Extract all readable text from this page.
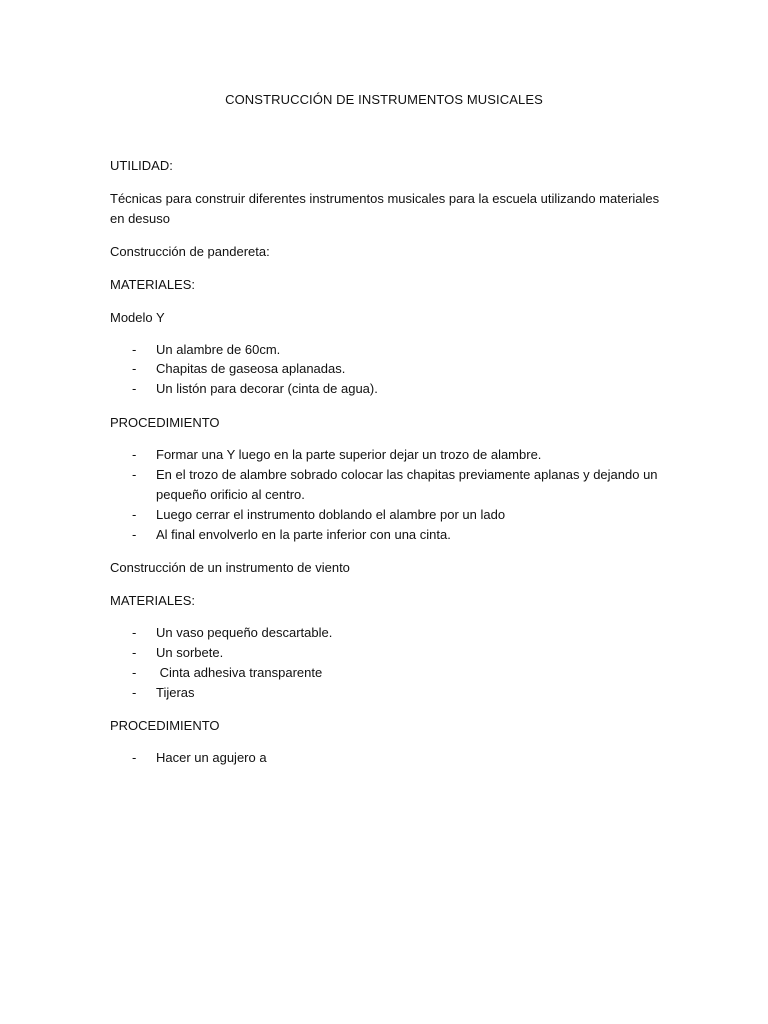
CONSTRUCCIÓN DE INSTRUMENTOS MUSICALES
UTILIDAD:
Técnicas para construir diferentes instrumentos musicales para la escuela utilizando materiales en desuso
Construcción de pandereta:
MATERIALES:
Modelo Y
- Un alambre de 60cm.
- Chapitas de gaseosa aplanadas.
- Un listón para decorar (cinta de agua).
PROCEDIMIENTO
- Formar una Y luego en la parte superior dejar un trozo de alambre.
- En el trozo de alambre sobrado colocar las chapitas previamente aplanas y dejando un pequeño orificio al centro.
- Luego cerrar el instrumento doblando el alambre por un lado
- Al final envolverlo en la parte inferior con una cinta.
Construcción de un instrumento de viento
MATERIALES:
- Un vaso pequeño descartable.
- Un sorbete.
- Cinta adhesiva transparente
- Tijeras
PROCEDIMIENTO
- Hacer un agujero a
